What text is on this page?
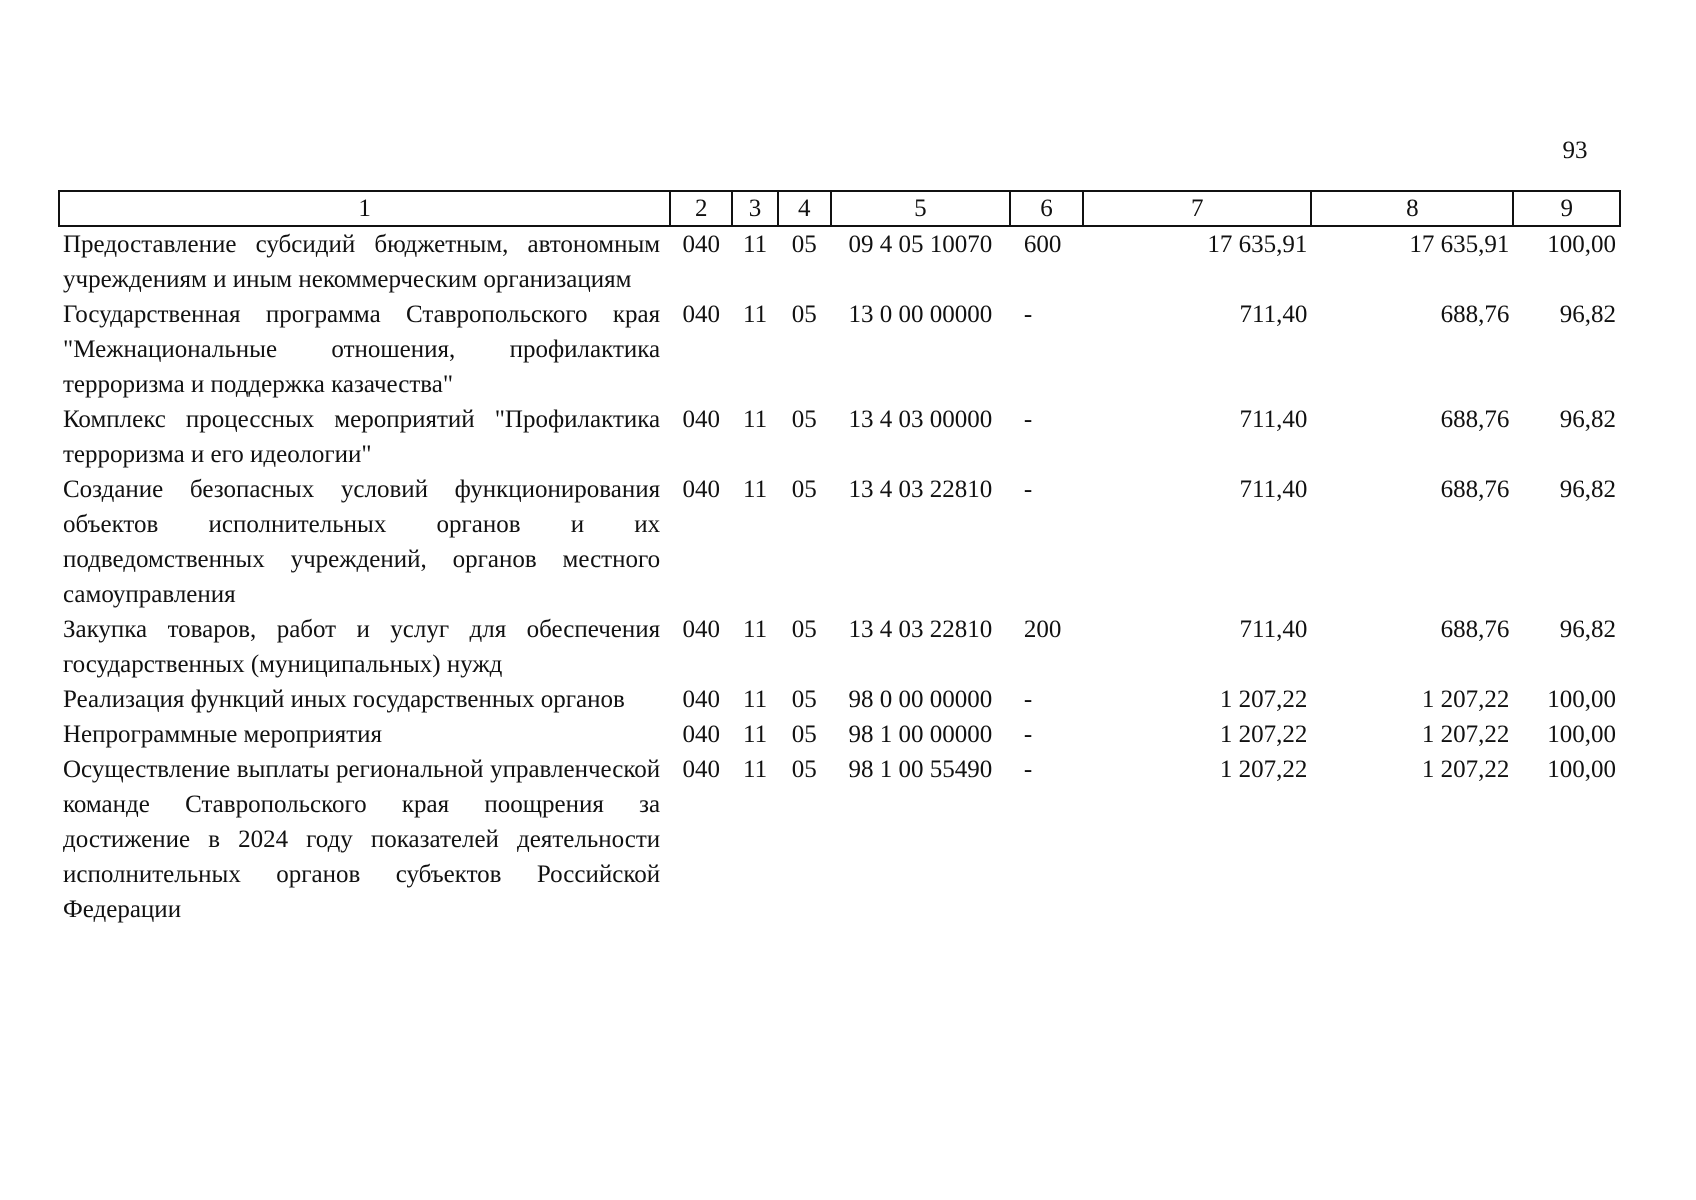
93
1	2	3	4	5	6	7	8	9
Предоставление субсидий бюджетным, автономным учреждениям и иным некоммерческим организациям	040	11	05	09 4 05 10070	600	17 635,91	17 635,91	100,00
Государственная программа Ставропольского края "Межнациональные отношения, профилактика терроризма и поддержка казачества"	040	11	05	13 0 00 00000	-	711,40	688,76	96,82
Комплекс процессных мероприятий "Профилактика терроризма и его идеологии"	040	11	05	13 4 03 00000	-	711,40	688,76	96,82
Создание безопасных условий функционирования объектов исполнительных органов и их подведомственных учреждений, органов местного самоуправления	040	11	05	13 4 03 22810	-	711,40	688,76	96,82
Закупка товаров, работ и услуг для обеспечения государственных (муниципальных) нужд	040	11	05	13 4 03 22810	200	711,40	688,76	96,82
Реализация функций иных государственных органов	040	11	05	98 0 00 00000	-	1 207,22	1 207,22	100,00
Непрограммные мероприятия	040	11	05	98 1 00 00000	-	1 207,22	1 207,22	100,00
Осуществление выплаты региональной управленческой команде Ставропольского края поощрения за достижение в 2024 году показателей деятельности исполнительных органов субъектов Российской Федерации	040	11	05	98 1 00 55490	-	1 207,22	1 207,22	100,00
